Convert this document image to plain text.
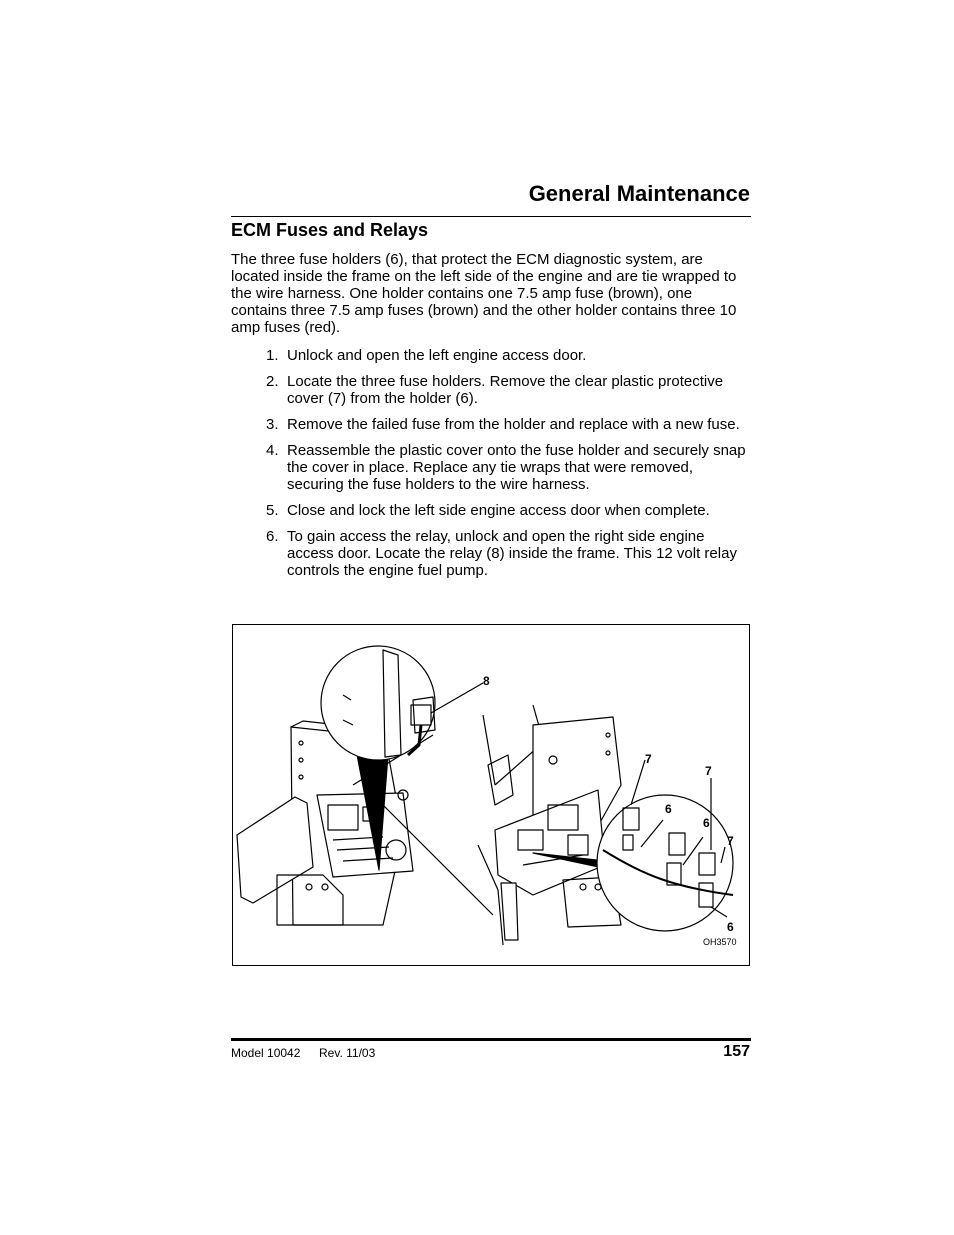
General Maintenance
ECM Fuses and Relays

The three fuse holders (6), that protect the ECM diagnostic system, are located inside the frame on the left side of the engine and are tie wrapped to the wire harness. One holder contains one 7.5 amp fuse (brown), one contains three 7.5 amp fuses (brown) and the other holder contains three 10 amp fuses (red).

1. Unlock and open the left engine access door.
2. Locate the three fuse holders. Remove the clear plastic protective cover (7) from the holder (6).
3. Remove the failed fuse from the holder and replace with a new fuse.
4. Reassemble the plastic cover onto the fuse holder and securely snap the cover in place. Replace any tie wraps that were removed, securing the fuse holders to the wire harness.
5. Close and lock the left side engine access door when complete.
6. To gain access the relay, unlock and open the right side engine access door. Locate the relay (8) inside the frame. This 12 volt relay controls the engine fuel pump.
8
7
7
6
6
7
6
OH3570
Model 10042 Rev. 11/03	157
